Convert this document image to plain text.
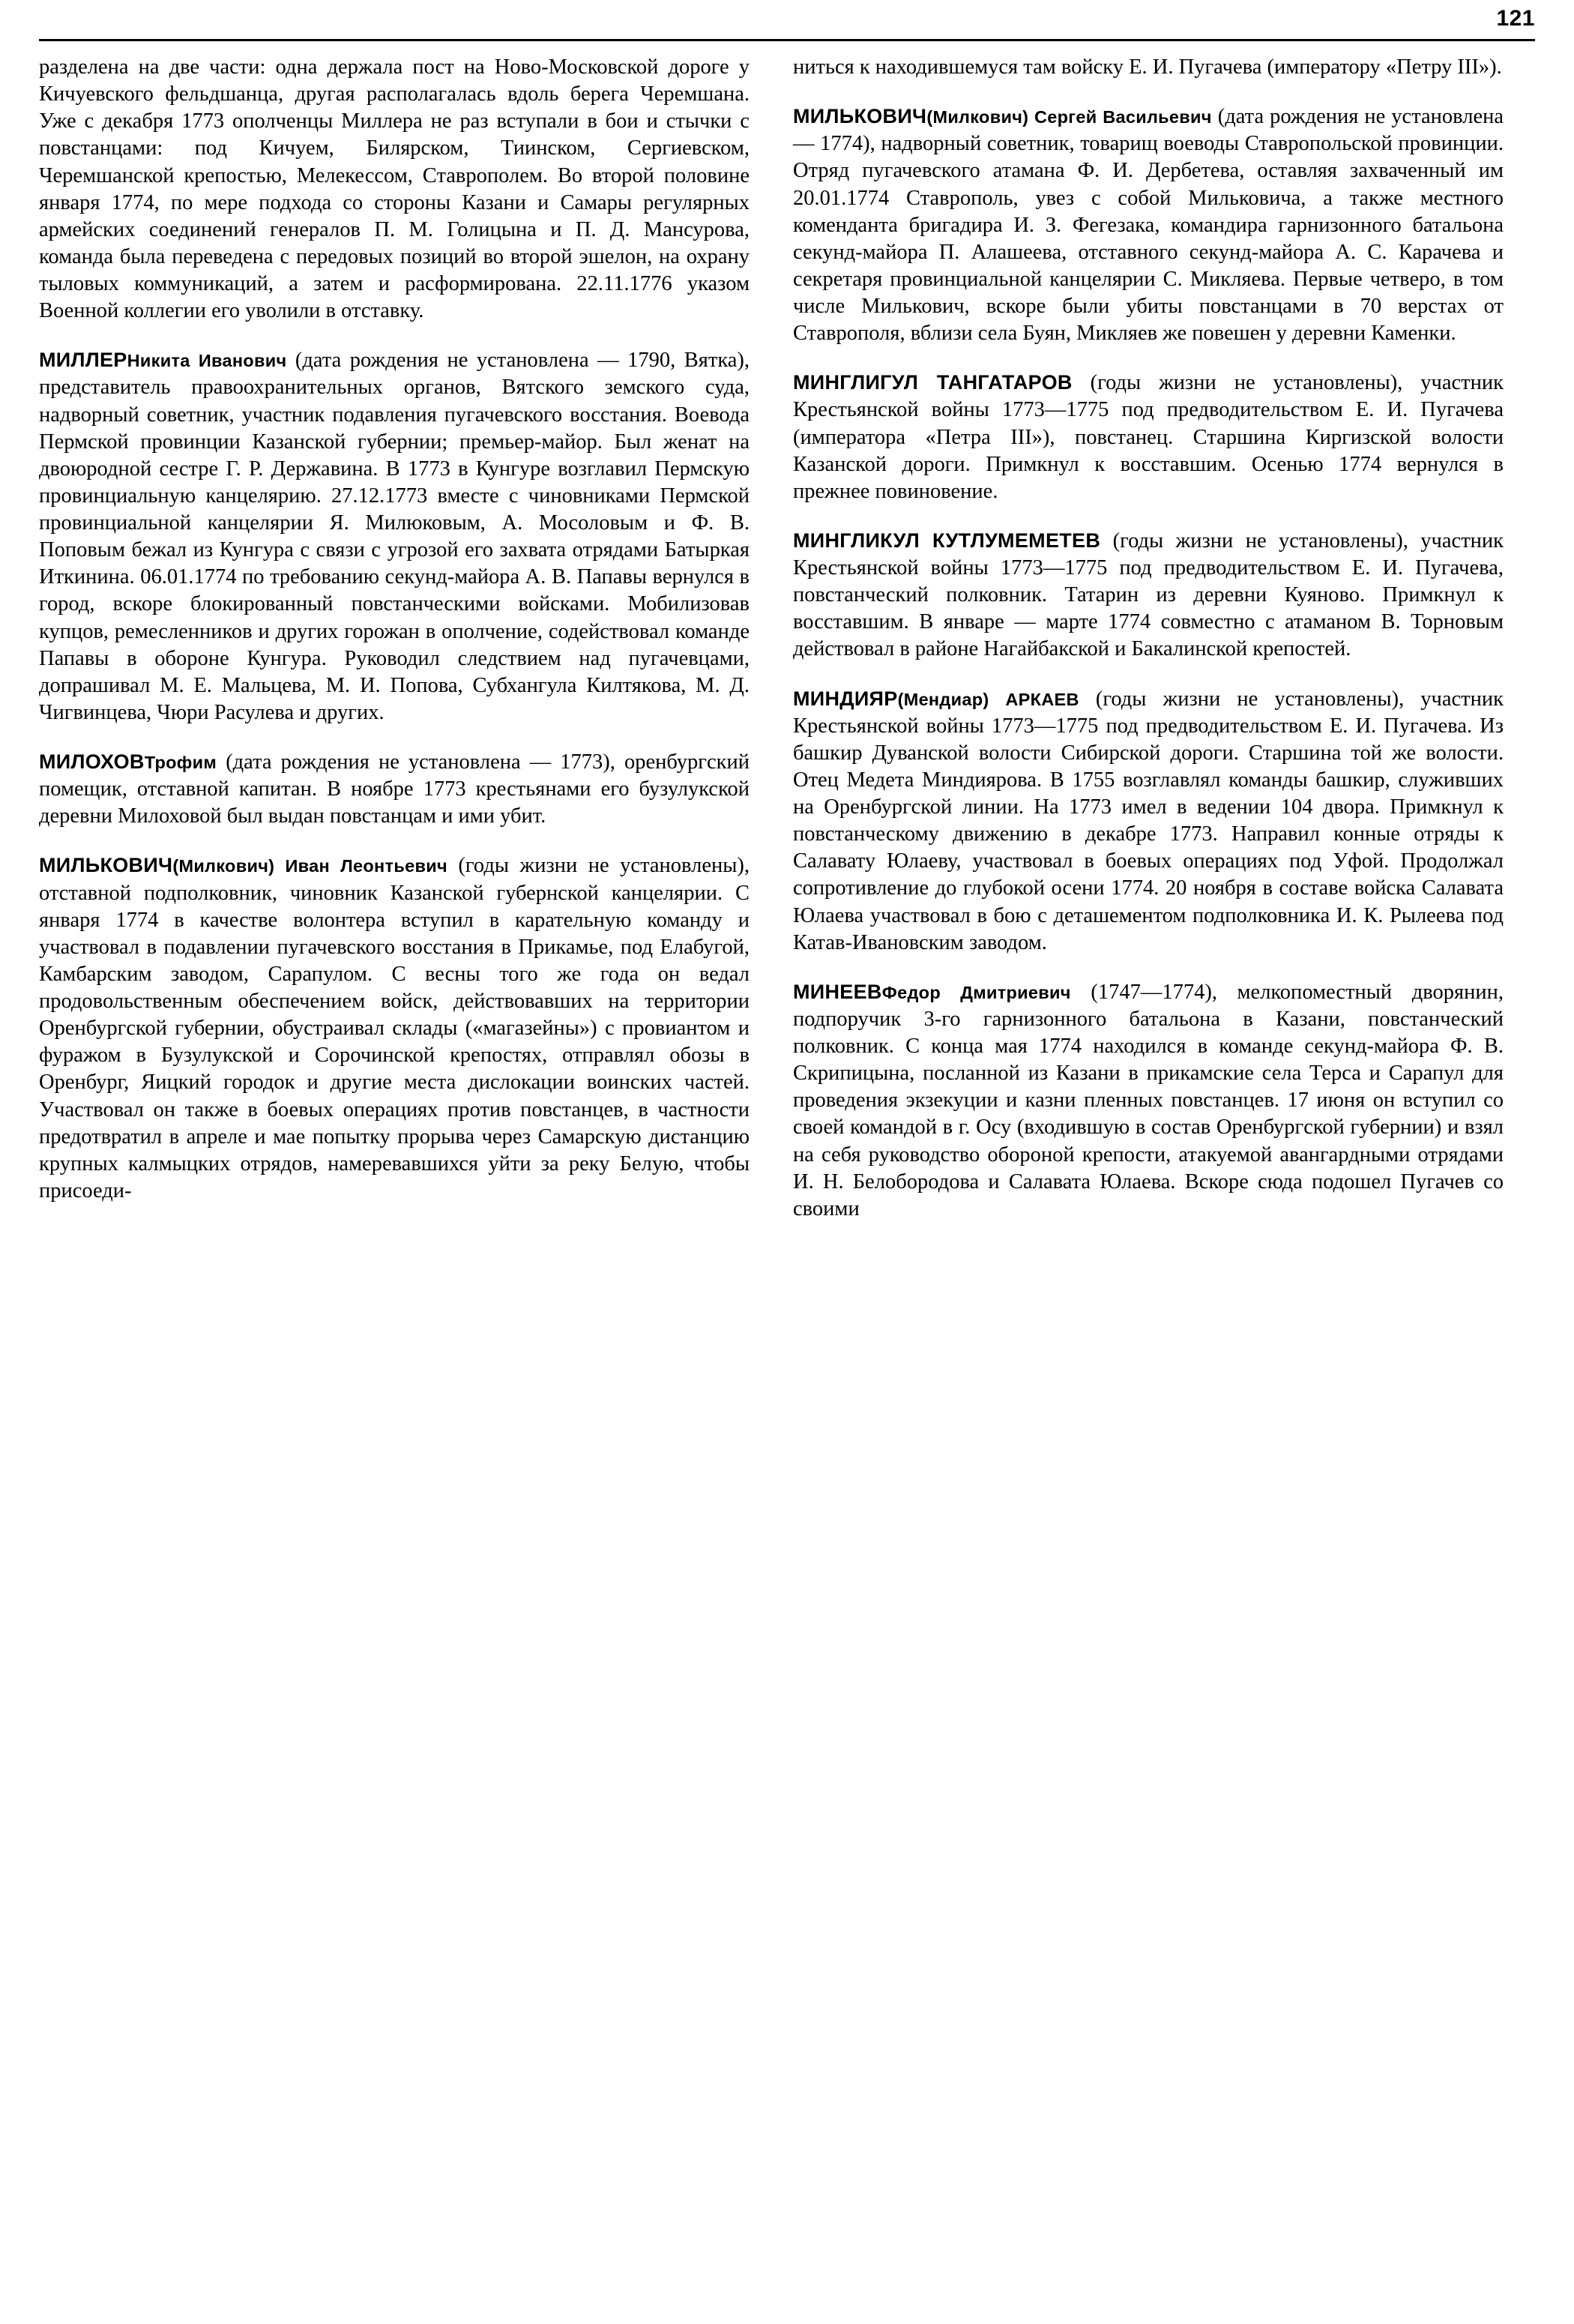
121

разделена на две части: одна держала пост на Ново-Московской дороге у Кичуевского фельдшанца, другая располагалась вдоль берега Черемшана. Уже с декабря 1773 ополченцы Миллера не раз вступали в бои и стычки с повстанцами: под Кичуем, Билярском, Тиинском, Сергиевском, Черемшанской крепостью, Мелекессом, Ставрополем. Во второй половине января 1774, по мере подхода со стороны Казани и Самары регулярных армейских соединений генералов П. М. Голицына и П. Д. Мансурова, команда была переведена с передовых позиций во второй эшелон, на охрану тыловых коммуникаций, а затем и расформирована. 22.11.1776 указом Военной коллегии его уволили в отставку.

МИЛЛЕРНикита Иванович (дата рождения не установлена — 1790, Вятка), представитель правоохранительных органов, Вятского земского суда, надворный советник, участник подавления пугачевского восстания. Воевода Пермской провинции Казанской губернии; премьер-майор. Был женат на двоюродной сестре Г. Р. Державина. В 1773 в Кунгуре возглавил Пермскую провинциальную канцелярию. 27.12.1773 вместе с чиновниками Пермской провинциальной канцелярии Я. Милюковым, А. Мосоловым и Ф. В. Поповым бежал из Кунгура с связи с угрозой его захвата отрядами Батыркая Иткинина. 06.01.1774 по требованию секунд-майора А. В. Папавы вернулся в город, вскоре блокированный повстанческими войсками. Мобилизовав купцов, ремесленников и других горожан в ополчение, содействовал команде Папавы в обороне Кунгура. Руководил следствием над пугачевцами, допрашивал М. Е. Мальцева, М. И. Попова, Субхангула Килтякова, М. Д. Чигвинцева, Чюри Расулева и других.

МИЛОХОВТрофим (дата рождения не установлена — 1773), оренбургский помещик, отставной капитан. В ноябре 1773 крестьянами его бузулукской деревни Милоховой был выдан повстанцам и ими убит.

МИЛЬКОВИЧ(Милкович) Иван Леонтьевич (годы жизни не установлены), отставной подполковник, чиновник Казанской губернской канцелярии. С января 1774 в качестве волонтера вступил в карательную команду и участвовал в подавлении пугачевского восстания в Прикамье, под Елабугой, Камбарским заводом, Сарапулом. С весны того же года он ведал продовольственным обеспечением войск, действовавших на территории Оренбургской губернии, обустраивал склады («магазейны») с провиантом и фуражом в Бузулукской и Сорочинской крепостях, отправлял обозы в Оренбург, Яицкий городок и другие места дислокации воинских частей. Участвовал он также в боевых операциях против повстанцев, в частности предотвратил в апреле и мае попытку прорыва через Самарскую дистанцию крупных калмыцких отрядов, намеревавшихся уйти за реку Белую, чтобы присоеди-

ниться к находившемуся там войску Е. И. Пугачева (императору «Петру III»).

МИЛЬКОВИЧ(Милкович) Сергей Васильевич (дата рождения не установлена — 1774), надворный советник, товарищ воеводы Ставропольской провинции. Отряд пугачевского атамана Ф. И. Дербетева, оставляя захваченный им 20.01.1774 Ставрополь, увез с собой Мильковича, а также местного коменданта бригадира И. З. Фегезака, командира гарнизонного батальона секунд-майора П. Алашеева, отставного секунд-майора А. С. Карачева и секретаря провинциальной канцелярии С. Микляева. Первые четверо, в том числе Милькович, вскоре были убиты повстанцами в 70 верстах от Ставрополя, вблизи села Буян, Микляев же повешен у деревни Каменки.

МИНГЛИГУЛ ТАНГАТАРОВ (годы жизни не установлены), участник Крестьянской войны 1773—1775 под предводительством Е. И. Пугачева (императора «Петра III»), повстанец. Старшина Киргизской волости Казанской дороги. Примкнул к восставшим. Осенью 1774 вернулся в прежнее повиновение.

МИНГЛИКУЛ КУТЛУМЕМЕТЕВ (годы жизни не установлены), участник Крестьянской войны 1773—1775 под предводительством Е. И. Пугачева, повстанческий полковник. Татарин из деревни Куяново. Примкнул к восставшим. В январе — марте 1774 совместно с атаманом В. Торновым действовал в районе Нагайбакской и Бакалинской крепостей.

МИНДИЯР(Мендиар) АРКАЕВ (годы жизни не установлены), участник Крестьянской войны 1773—1775 под предводительством Е. И. Пугачева. Из башкир Дуванской волости Сибирской дороги. Старшина той же волости. Отец Медета Миндиярова. В 1755 возглавлял команды башкир, служивших на Оренбургской линии. На 1773 имел в ведении 104 двора. Примкнул к повстанческому движению в декабре 1773. Направил конные отряды к Салавату Юлаеву, участвовал в боевых операциях под Уфой. Продолжал сопротивление до глубокой осени 1774. 20 ноября в составе войска Салавата Юлаева участвовал в бою с деташементом подполковника И. К. Рылеева под Катав-Ивановским заводом.

МИНЕЕВФедор Дмитриевич (1747—1774), мелкопоместный дворянин, подпоручик 3-го гарнизонного батальона в Казани, повстанческий полковник. С конца мая 1774 находился в команде секунд-майора Ф. В. Скрипицына, посланной из Казани в прикамские села Терса и Сарапул для проведения экзекуции и казни пленных повстанцев. 17 июня он вступил со своей командой в г. Осу (входившую в состав Оренбургской губернии) и взял на себя руководство обороной крепости, атакуемой авангардными отрядами И. Н. Белобородова и Салавата Юлаева. Вскоре сюда подошел Пугачев со своими
